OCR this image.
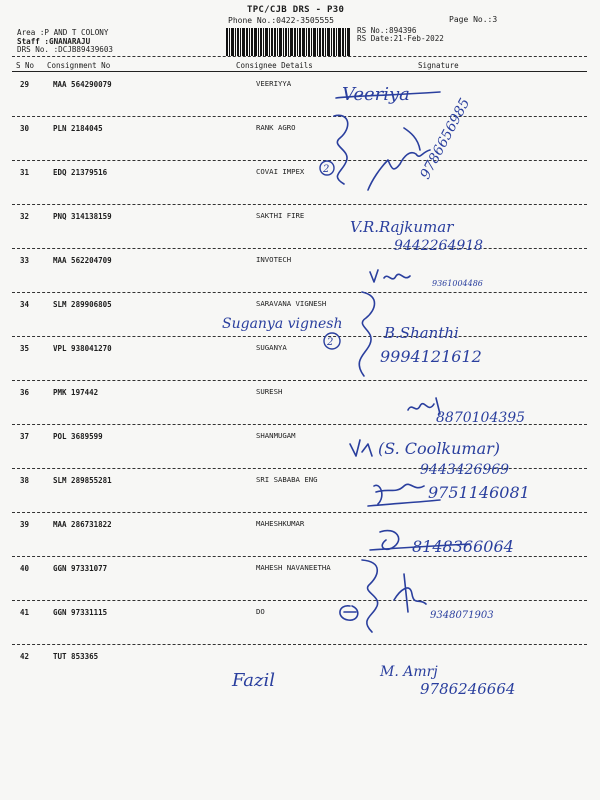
TPC/CJB DRS - P30
Phone No.:0422-3505555	Page No.:3
Area :P AND T COLONY
Staff :GNANARAJU
DRS No. :DCJB89439603
RS No.:894396
RS Date:21-Feb-2022
S No Consignment No	Consignee Details	Signature
29	MAA 564290079	VEERIYYA
30	PLN 2184045	RANK AGRO
31	EDQ 21379516	COVAI IMPEX
32	PNQ 314138159	SAKTHI FIRE
33	MAA 562204709	INVOTECH
34	SLM 289906805	SARAVANA VIGNESH
35	VPL 938041270	SUGANYA
36	PMK 197442	SURESH
37	POL 3689599	SHANMUGAM
38	SLM 289855281	SRI SABABA ENG
39	MAA 286731822	MAHESHKUMAR
40	GGN 97331077	MAHESH NAVANEETHA
41	GGN 97331115	DO
42	TUT 853365
Veeriya
2	9786656985
V.R.Rajkumar
9442264918
9361004486
Suganya vignesh
2
B.Shanthi
9994121612
8870104395
(S. Coolkumar)
9443426969
9751146081
8148366064
9348071903
Fazil	M. Amrj
9786246664
